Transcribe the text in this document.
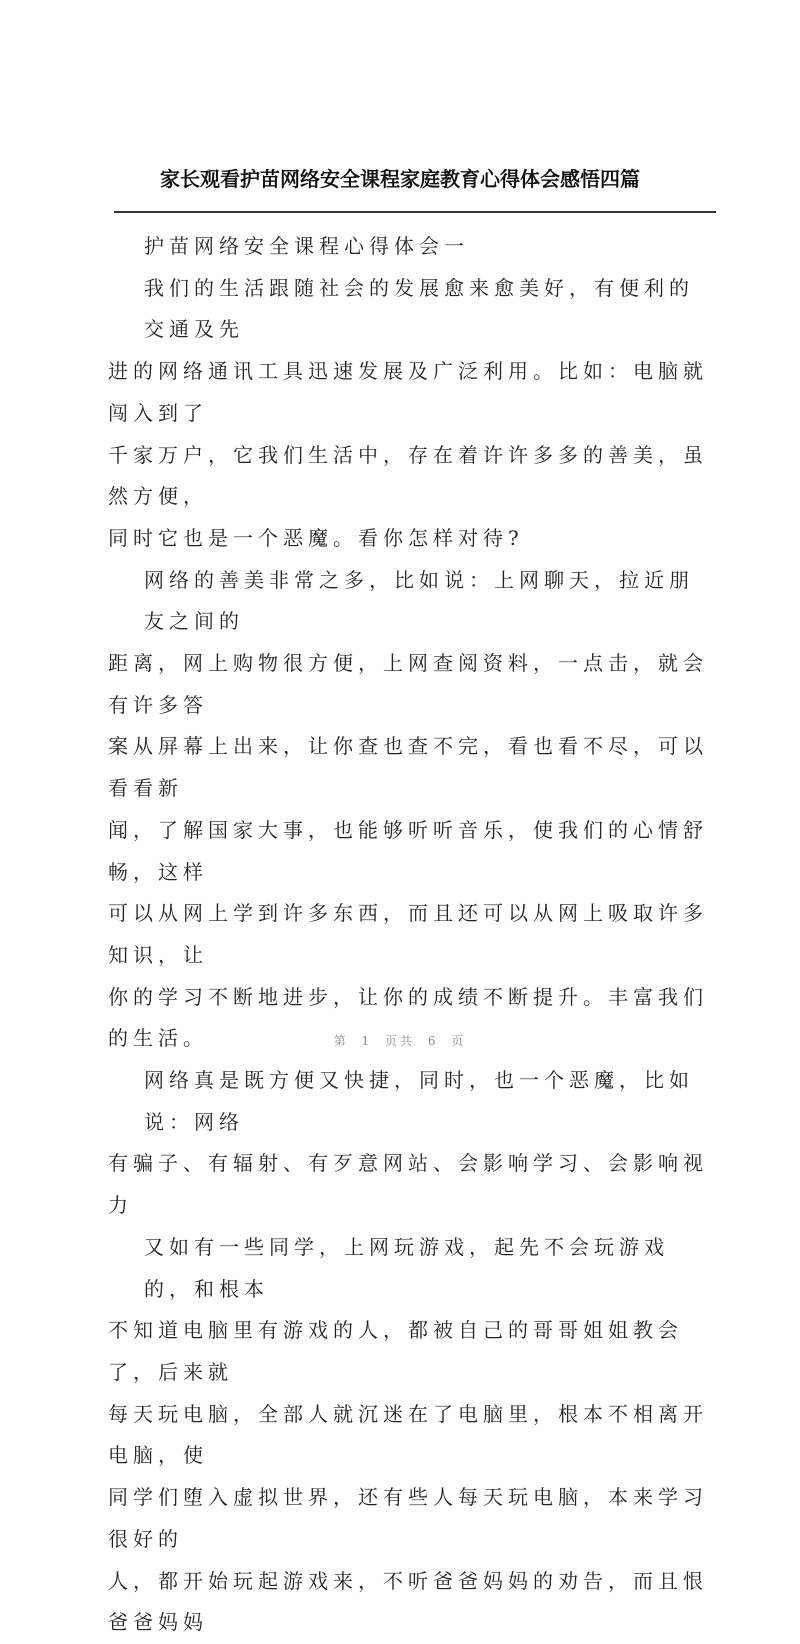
家长观看护苗网络安全课程家庭教育心得体会感悟四篇
护苗网络安全课程心得体会一
我们的生活跟随社会的发展愈来愈美好，有便利的交通及先
进的网络通讯工具迅速发展及广泛利用。比如：电脑就闯入到了
千家万户，它我们生活中，存在着许许多多的善美，虽然方便，
同时它也是一个恶魔。看你怎样对待?
网络的善美非常之多，比如说：上网聊天，拉近朋友之间的
距离，网上购物很方便，上网查阅资料，一点击，就会有许多答
案从屏幕上出来，让你查也查不完，看也看不尽，可以看看新
闻，了解国家大事，也能够听听音乐，使我们的心情舒畅，这样
可以从网上学到许多东西，而且还可以从网上吸取许多知识，让
你的学习不断地进步，让你的成绩不断提升。丰富我们的生活。
网络真是既方便又快捷，同时，也一个恶魔，比如说：网络
有骗子、有辐射、有歹意网站、会影响学习、会影响视力
又如有一些同学，上网玩游戏，起先不会玩游戏的，和根本
不知道电脑里有游戏的人，都被自己的哥哥姐姐教会了，后来就
每天玩电脑，全部人就沉迷在了电脑里，根本不相离开电脑，使
同学们堕入虚拟世界，还有些人每天玩电脑，本来学习很好的
人，都开始玩起游戏来，不听爸爸妈妈的劝告，而且恨爸爸妈妈
第 1 页共 6 页
